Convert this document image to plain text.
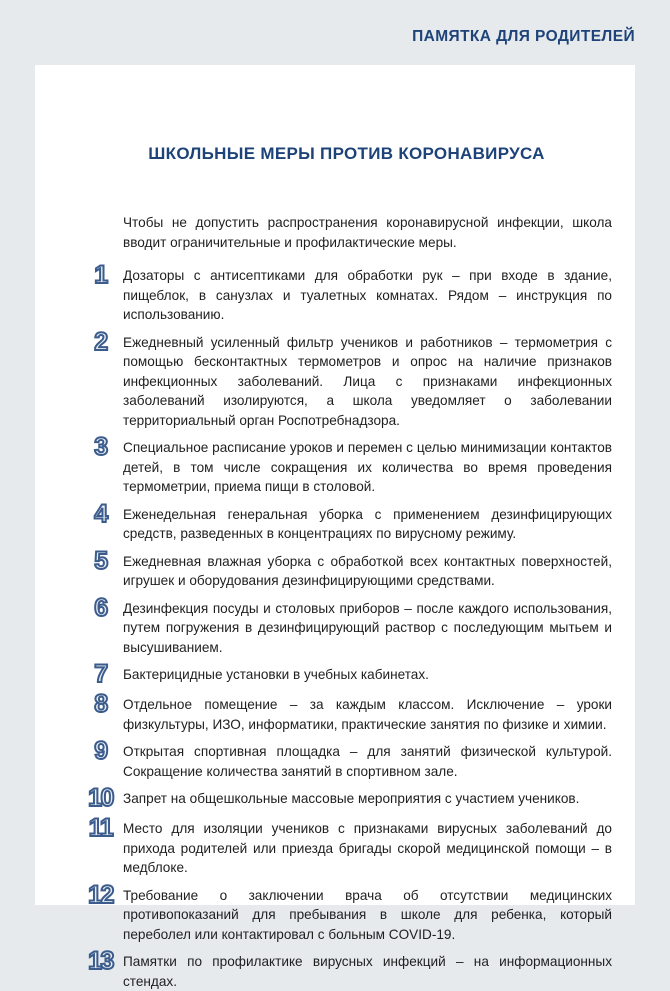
ПАМЯТКА ДЛЯ РОДИТЕЛЕЙ
ШКОЛЬНЫЕ МЕРЫ ПРОТИВ КОРОНАВИРУСА

Чтобы не допустить распространения коронавирусной инфекции, школа вводит ограничительные и профилактические меры.

1	Дозаторы с антисептиками для обработки рук – при входе в здание, пищеблок, в санузлах и туалетных комнатах. Рядом – инструкция по использованию.
2	Ежедневный усиленный фильтр учеников и работников – термометрия с помощью бесконтактных термометров и опрос на наличие признаков инфекционных заболеваний. Лица с признаками инфекционных заболеваний изолируются, а школа уведомляет о заболевании территориальный орган Роспотребнадзора.
3	Специальное расписание уроков и перемен с целью минимизации контактов детей, в том числе сокращения их количества во время проведения термометрии, приема пищи в столовой.
4	Еженедельная генеральная уборка с применением дезинфицирующих средств, разведенных в концентрациях по вирусному режиму.
5	Ежедневная влажная уборка с обработкой всех контактных поверхностей, игрушек и оборудования дезинфицирующими средствами.
6	Дезинфекция посуды и столовых приборов – после каждого использования, путем погружения в дезинфицирующий раствор с последующим мытьем и высушиванием.
7	Бактерицидные установки в учебных кабинетах.
8	Отдельное помещение – за каждым классом. Исключение – уроки физкультуры, ИЗО, информатики, практические занятия по физике и химии.
9	Открытая спортивная площадка – для занятий физической культурой. Сокращение количества занятий в спортивном зале.
10 Запрет на общешкольные массовые мероприятия с участием учеников.
11 Место для изоляции учеников с признаками вирусных заболеваний до прихода родителей или приезда бригады скорой медицинской помощи – в медблоке.
12 Требование о заключении врача об отсутствии медицинских противопоказаний для пребывания в школе для ребенка, который переболел или контактировал с больным COVID-19.
13 Памятки по профилактике вирусных инфекций – на информационных стендах.
